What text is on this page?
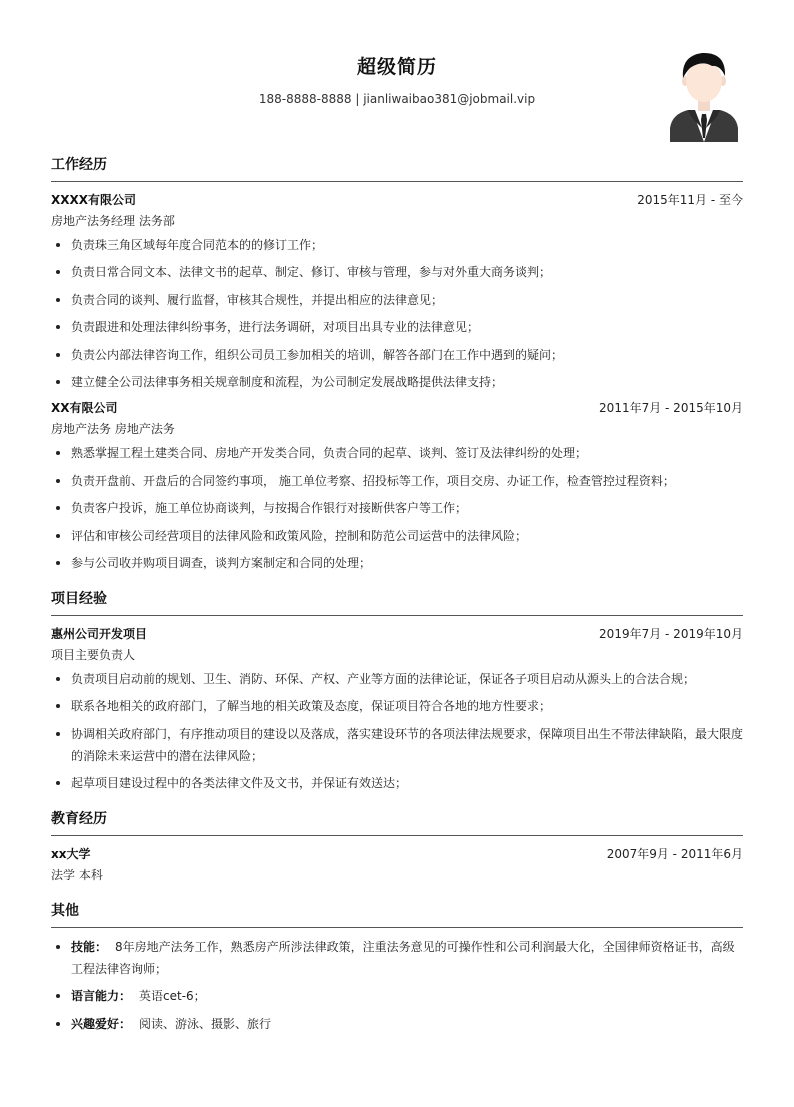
超级简历
188-8888-8888 | jianliwaibao381@jobmail.vip
工作经历
XXXX有限公司	2015年11月 - 至今
房地产法务经理 法务部
负责珠三角区域每年度合同范本的的修订工作；
负责日常合同文本、法律文书的起草、制定、修订、审核与管理，参与对外重大商务谈判；
负责合同的谈判、履行监督，审核其合规性，并提出相应的法律意见；
负责跟进和处理法律纠纷事务，进行法务调研，对项目出具专业的法律意见；
负责公内部法律咨询工作，组织公司员工参加相关的培训，解答各部门在工作中遇到的疑问；
建立健全公司法律事务相关规章制度和流程，为公司制定发展战略提供法律支持；
XX有限公司	2011年7月 - 2015年10月
房地产法务 房地产法务
熟悉掌握工程土建类合同、房地产开发类合同，负责合同的起草、谈判、签订及法律纠纷的处理；
负责开盘前、开盘后的合同签约事项， 施工单位考察、招投标等工作，项目交房、办证工作，检查管控过程资料；
负责客户投诉，施工单位协商谈判，与按揭合作银行对接断供客户等工作；
评估和审核公司经营项目的法律风险和政策风险，控制和防范公司运营中的法律风险；
参与公司收并购项目调查，谈判方案制定和合同的处理；
项目经验
惠州公司开发项目	2019年7月 - 2019年10月
项目主要负责人
负责项目启动前的规划、卫生、消防、环保、产权、产业等方面的法律论证，保证各子项目启动从源头上的合法合规；
联系各地相关的政府部门，了解当地的相关政策及态度，保证项目符合各地的地方性要求；
协调相关政府部门，有序推动项目的建设以及落成，落实建设环节的各项法律法规要求，保障项目出生不带法律缺陷，最大限度的消除未来运营中的潜在法律风险；
起草项目建设过程中的各类法律文件及文书，并保证有效送达；
教育经历
xx大学	2007年9月 - 2011年6月
法学 本科
其他
技能： 8年房地产法务工作，熟悉房产所涉法律政策，注重法务意见的可操作性和公司利润最大化，全国律师资格证书，高级工程法律咨询师；
语言能力： 英语cet-6；
兴趣爱好： 阅读、游泳、摄影、旅行
